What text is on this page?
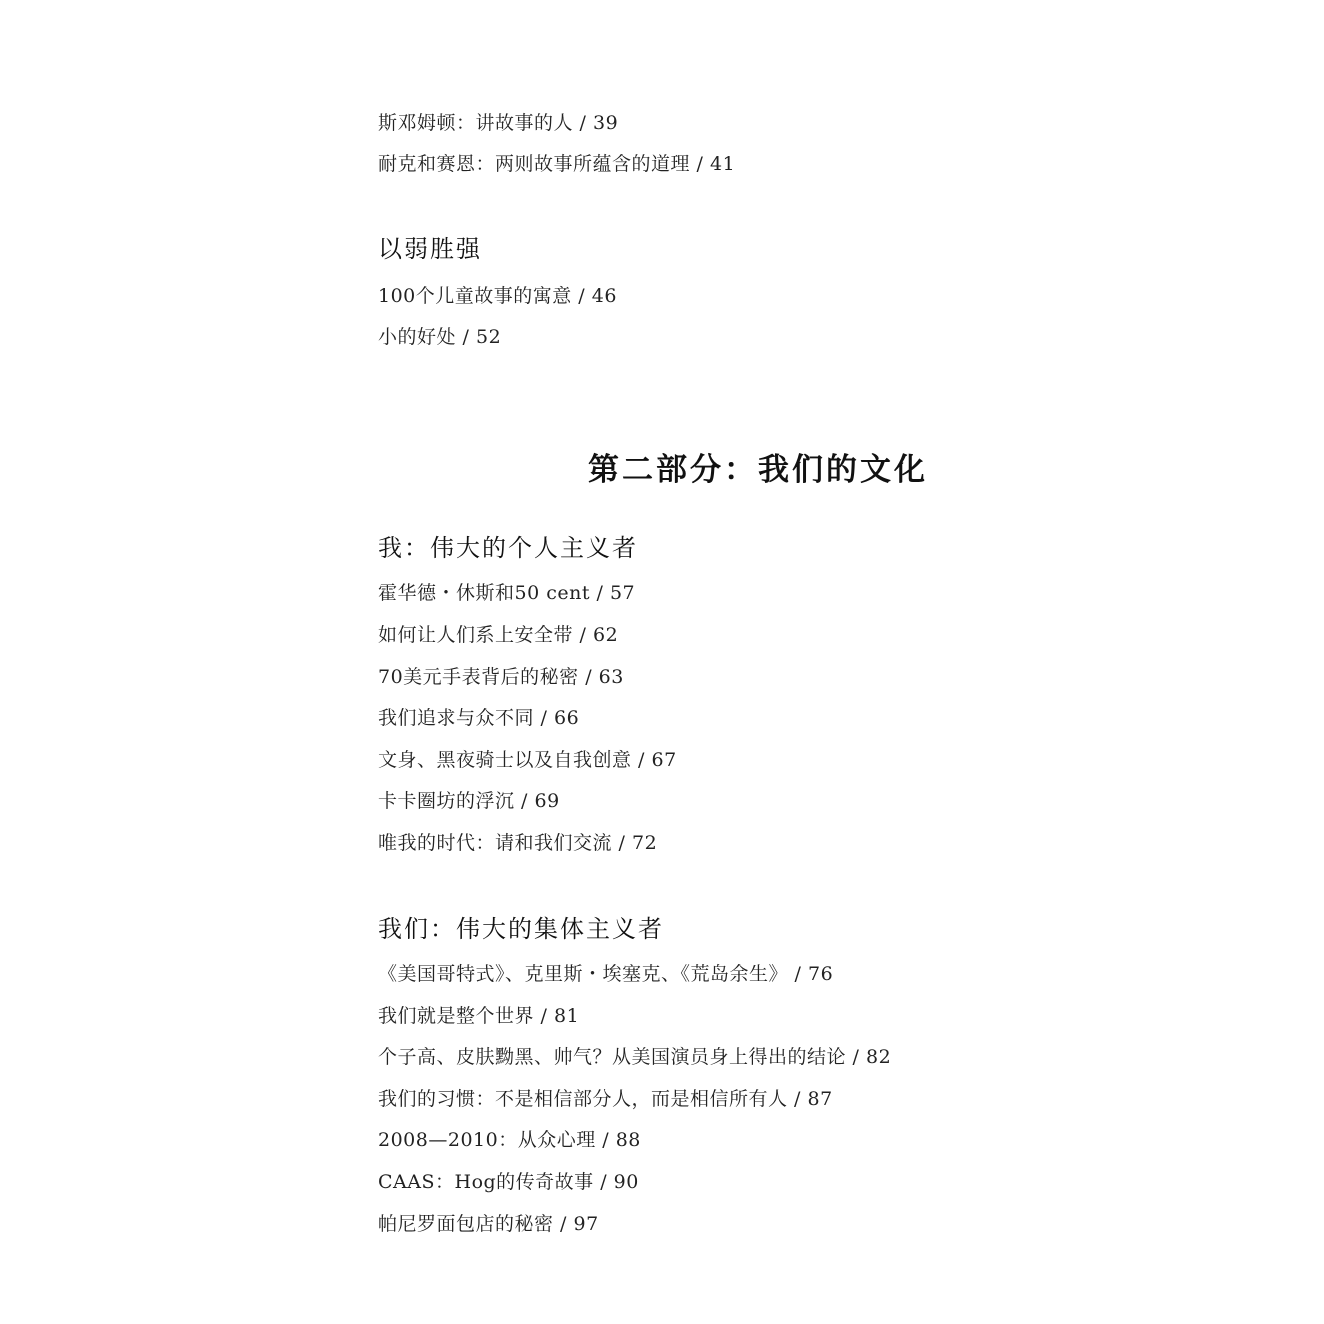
斯邓姆顿：讲故事的人 / 39
耐克和赛恩：两则故事所蕴含的道理 / 41
以弱胜强
100个儿童故事的寓意 / 46
小的好处 / 52
第二部分：我们的文化
我：伟大的个人主义者
霍华德・休斯和50 cent / 57
如何让人们系上安全带 / 62
70美元手表背后的秘密 / 63
我们追求与众不同 / 66
文身、黑夜骑士以及自我创意 / 67
卡卡圈坊的浮沉 / 69
唯我的时代：请和我们交流 / 72
我们：伟大的集体主义者
《美国哥特式》、克里斯・埃塞克、《荒岛余生》 / 76
我们就是整个世界 / 81
个子高、皮肤黝黑、帅气？从美国演员身上得出的结论 / 82
我们的习惯：不是相信部分人，而是相信所有人 / 87
2008—2010：从众心理 / 88
CAAS：Hog的传奇故事 / 90
帕尼罗面包店的秘密 / 97
